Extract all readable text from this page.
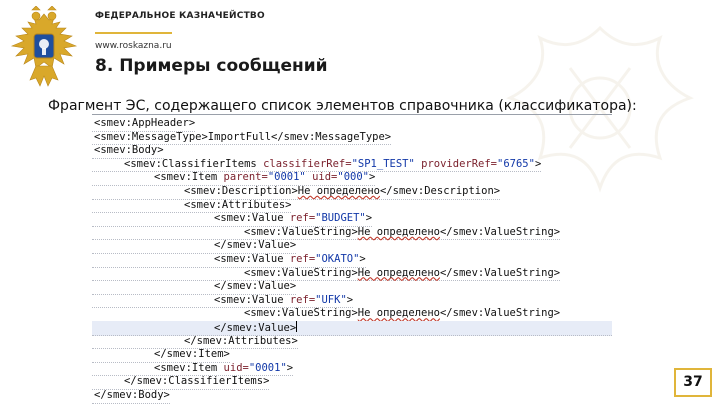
ФЕДЕРАЛЬНОЕ КАЗНАЧЕЙСТВО
www.roskazna.ru
8. Примеры сообщений
Фрагмент ЭС, содержащего список элементов справочника (классификатора):
<smev:AppHeader>
<smev:MessageType>ImportFull</smev:MessageType>
<smev:Body>
<smev:ClassifierItems classifierRef="SP1_TEST" providerRef="6765">
<smev:Item parent="0001" uid="000">
<smev:Description>Не определено</smev:Description>
<smev:Attributes>
<smev:Value ref="BUDGET">
<smev:ValueString>Не определено</smev:ValueString>
</smev:Value>
<smev:Value ref="OKATO">
<smev:ValueString>Не определено</smev:ValueString>
</smev:Value>
<smev:Value ref="UFK">
<smev:ValueString>Не определено</smev:ValueString>
</smev:Value>
</smev:Attributes>
</smev:Item>
<smev:Item uid="0001">
</smev:ClassifierItems>
</smev:Body>
37
